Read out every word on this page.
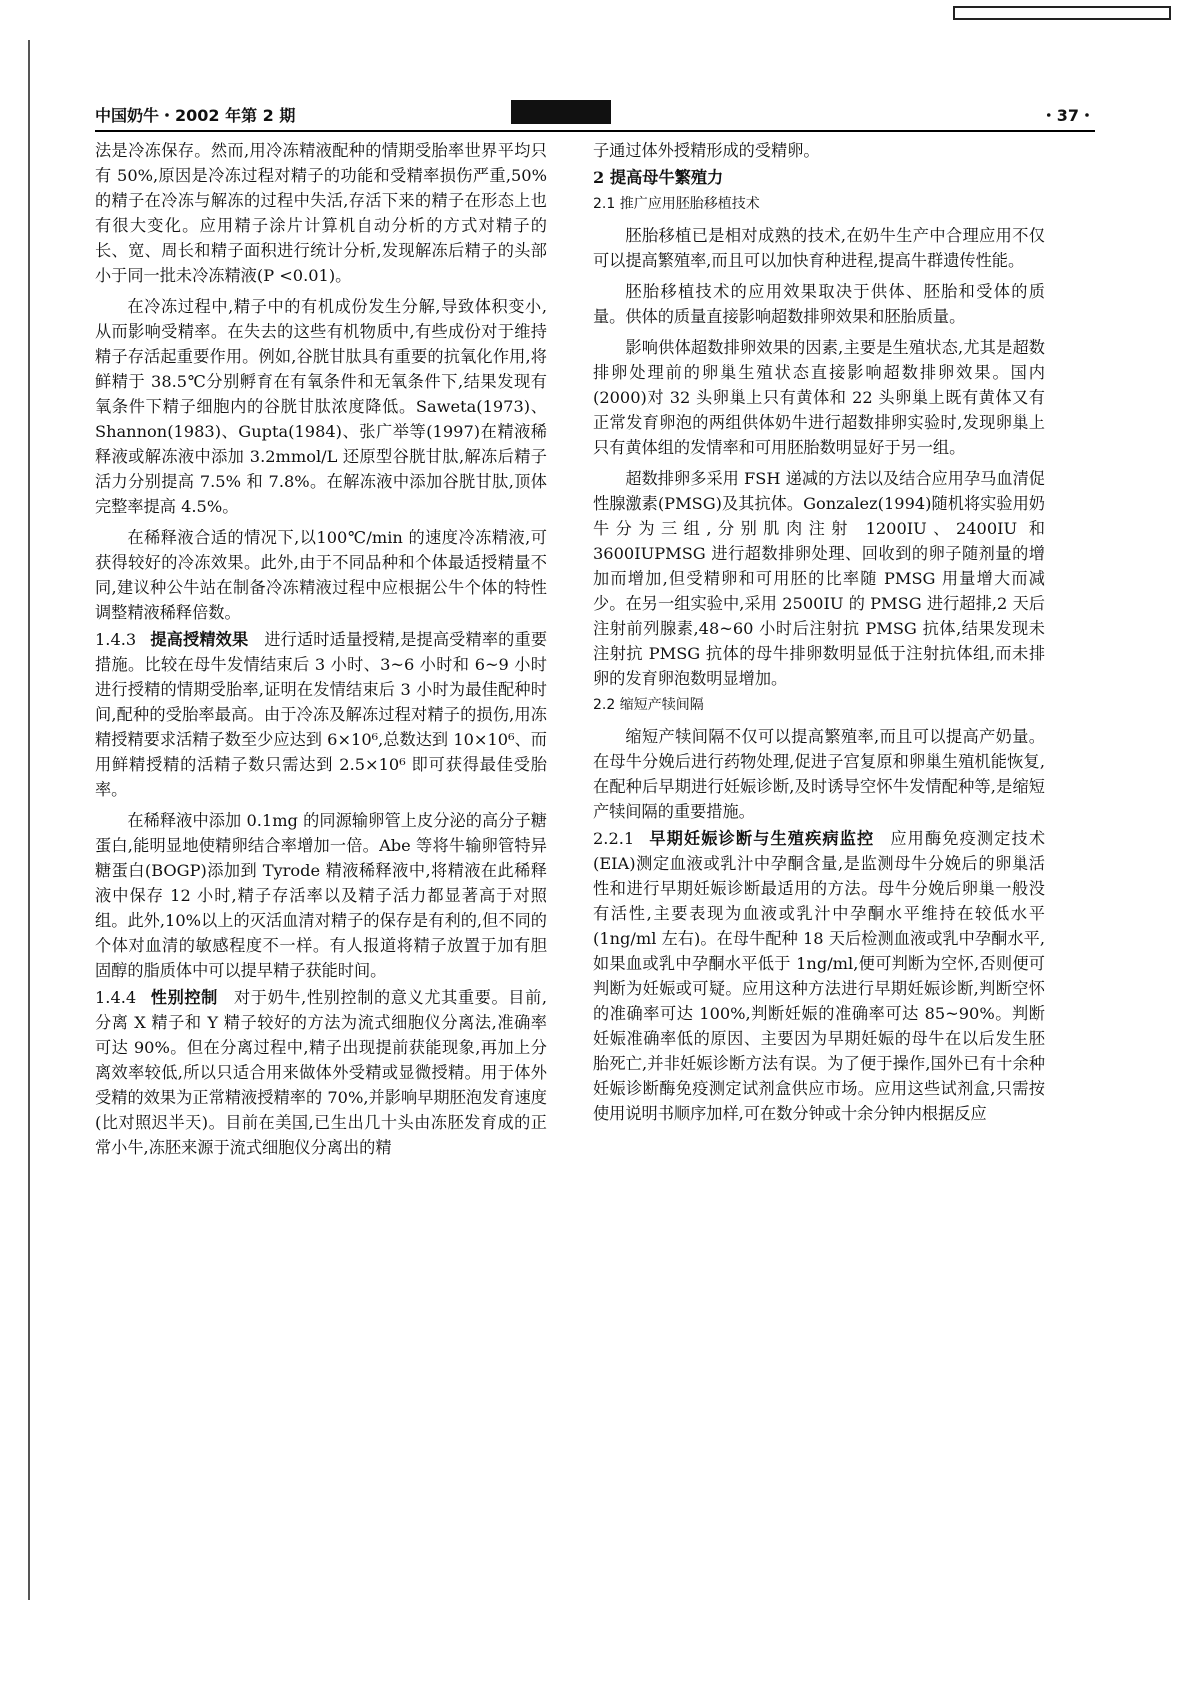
中国奶牛・2002 年第 2 期	・37・

法是冷冻保存。然而,用冷冻精液配种的情期受胎率世界平均只有 50%,原因是冷冻过程对精子的功能和受精率损伤严重,50%的精子在冷冻与解冻的过程中失活,存活下来的精子在形态上也有很大变化。应用精子涂片计算机自动分析的方式对精子的长、宽、周长和精子面积进行统计分析,发现解冻后精子的头部小于同一批未冷冻精液(P <0.01)。

在冷冻过程中,精子中的有机成份发生分解,导致体积变小,从而影响受精率。在失去的这些有机物质中,有些成份对于维持精子存活起重要作用。例如,谷胱甘肽具有重要的抗氧化作用,将鲜精于 38.5℃分别孵育在有氧条件和无氧条件下,结果发现有氧条件下精子细胞内的谷胱甘肽浓度降低。Saweta(1973)、Shannon(1983)、Gupta(1984)、张广举等(1997)在精液稀释液或解冻液中添加 3.2mmol/L 还原型谷胱甘肽,解冻后精子活力分别提高 7.5% 和 7.8%。在解冻液中添加谷胱甘肽,顶体完整率提高 4.5%。

在稀释液合适的情况下,以100℃/min 的速度冷冻精液,可获得较好的冷冻效果。此外,由于不同品种和个体最适授精量不同,建议种公牛站在制备冷冻精液过程中应根据公牛个体的特性调整精液稀释倍数。

1.4.3 提高授精效果 进行适时适量授精,是提高受精率的重要措施。比较在母牛发情结束后 3 小时、3~6 小时和 6~9 小时进行授精的情期受胎率,证明在发情结束后 3 小时为最佳配种时间,配种的受胎率最高。由于冷冻及解冻过程对精子的损伤,用冻精授精要求活精子数至少应达到 6×10⁶,总数达到 10×10⁶、而用鲜精授精的活精子数只需达到 2.5×10⁶ 即可获得最佳受胎率。

在稀释液中添加 0.1mg 的同源输卵管上皮分泌的高分子糖蛋白,能明显地使精卵结合率增加一倍。Abe 等将牛输卵管特异糖蛋白(BOGP)添加到 Tyrode 精液稀释液中,将精液在此稀释液中保存 12 小时,精子存活率以及精子活力都显著高于对照组。此外,10%以上的灭活血清对精子的保存是有利的,但不同的个体对血清的敏感程度不一样。有人报道将精子放置于加有胆固醇的脂质体中可以提早精子获能时间。

1.4.4 性别控制 对于奶牛,性别控制的意义尤其重要。目前,分离 X 精子和 Y 精子较好的方法为流式细胞仪分离法,准确率可达 90%。但在分离过程中,精子出现提前获能现象,再加上分离效率较低,所以只适合用来做体外受精或显微授精。用于体外受精的效果为正常精液授精率的 70%,并影响早期胚泡发育速度(比对照迟半天)。目前在美国,已生出几十头由冻胚发育成的正常小牛,冻胚来源于流式细胞仪分离出的精

子通过体外授精形成的受精卵。

2 提高母牛繁殖力

2.1 推广应用胚胎移植技术

胚胎移植已是相对成熟的技术,在奶牛生产中合理应用不仅可以提高繁殖率,而且可以加快育种进程,提高牛群遗传性能。

胚胎移植技术的应用效果取决于供体、胚胎和受体的质量。供体的质量直接影响超数排卵效果和胚胎质量。

影响供体超数排卵效果的因素,主要是生殖状态,尤其是超数排卵处理前的卵巢生殖状态直接影响超数排卵效果。国内(2000)对 32 头卵巢上只有黄体和 22 头卵巢上既有黄体又有正常发育卵泡的两组供体奶牛进行超数排卵实验时,发现卵巢上只有黄体组的发情率和可用胚胎数明显好于另一组。

超数排卵多采用 FSH 递减的方法以及结合应用孕马血清促性腺激素(PMSG)及其抗体。Gonzalez(1994)随机将实验用奶牛分为三组,分别肌肉注射 1200IU、2400IU 和 3600IUPMSG 进行超数排卵处理、回收到的卵子随剂量的增加而增加,但受精卵和可用胚的比率随 PMSG 用量增大而减少。在另一组实验中,采用 2500IU 的 PMSG 进行超排,2 天后注射前列腺素,48~60 小时后注射抗 PMSG 抗体,结果发现未注射抗 PMSG 抗体的母牛排卵数明显低于注射抗体组,而未排卵的发育卵泡数明显增加。

2.2 缩短产犊间隔

缩短产犊间隔不仅可以提高繁殖率,而且可以提高产奶量。在母牛分娩后进行药物处理,促进子宫复原和卵巢生殖机能恢复,在配种后早期进行妊娠诊断,及时诱导空怀牛发情配种等,是缩短产犊间隔的重要措施。

2.2.1 早期妊娠诊断与生殖疾病监控 应用酶免疫测定技术(EIA)测定血液或乳汁中孕酮含量,是监测母牛分娩后的卵巢活性和进行早期妊娠诊断最适用的方法。母牛分娩后卵巢一般没有活性,主要表现为血液或乳汁中孕酮水平维持在较低水平(1ng/ml 左右)。在母牛配种 18 天后检测血液或乳中孕酮水平,如果血或乳中孕酮水平低于 1ng/ml,便可判断为空怀,否则便可判断为妊娠或可疑。应用这种方法进行早期妊娠诊断,判断空怀的准确率可达 100%,判断妊娠的准确率可达 85~90%。判断妊娠准确率低的原因、主要因为早期妊娠的母牛在以后发生胚胎死亡,并非妊娠诊断方法有误。为了便于操作,国外已有十余种妊娠诊断酶免疫测定试剂盒供应市场。应用这些试剂盒,只需按使用说明书顺序加样,可在数分钟或十余分钟内根据反应
